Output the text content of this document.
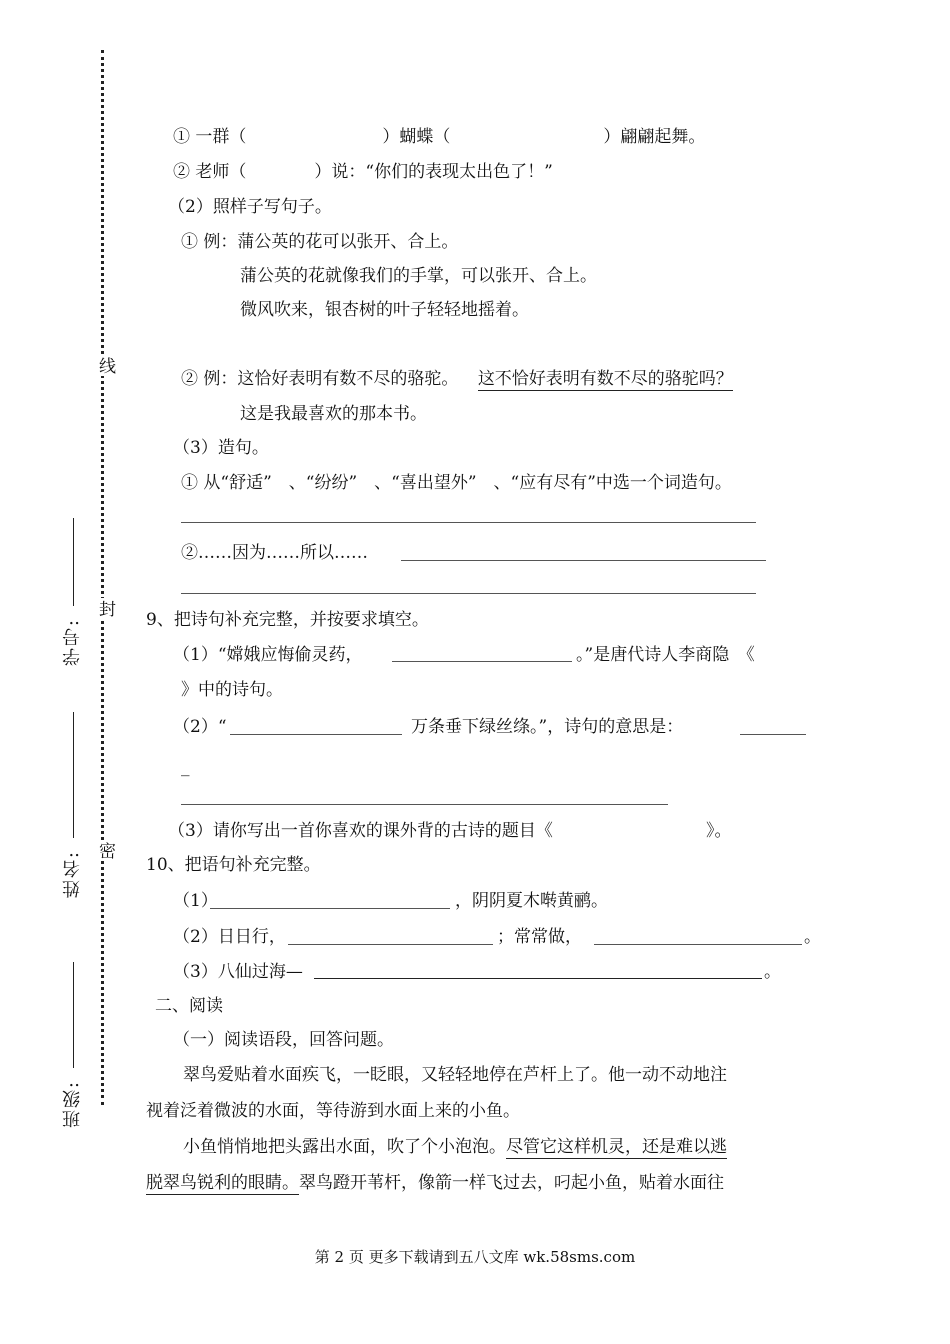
线
封
密
学号:
姓名:
班级:
① 一群（　　　　　　　　）蝴蝶（　　　　　　　　　）翩翩起舞。
② 老师（　　　　）说：“你们的表现太出色了！”
（2）照样子写句子。
① 例：蒲公英的花可以张开、合上。
蒲公英的花就像我们的手掌，可以张开、合上。
微风吹来，银杏树的叶子轻轻地摇着。
② 例：这恰好表明有数不尽的骆驼。 这不恰好表明有数不尽的骆驼吗？
这是我最喜欢的那本书。
（3）造句。
① 从“舒适”　、“纷纷”　、“喜出望外”　、“应有尽有”中选一个词造句。
②……因为……所以……
9、把诗句补充完整，并按要求填空。
（1）“嫦娥应悔偷灵药，	。”是唐代诗人李商隐　《
》中的诗句。
（2）“	万条垂下绿丝绦。”，诗句的意思是：
_
（3）请你写出一首你喜欢的课外背的古诗的题目《	》。
10、把语句补充完整。
（1）	，阴阴夏木啭黄鹂。
（2）日日行，	；常常做，	。
（3）八仙过海—	。
二、阅读
（一）阅读语段，回答问题。
翠鸟爱贴着水面疾飞，一眨眼，又轻轻地停在芦杆上了。他一动不动地注
视着泛着微波的水面，等待游到水面上来的小鱼。
小鱼悄悄地把头露出水面，吹了个小泡泡。尽管它这样机灵，还是难以逃
脱翠鸟锐利的眼睛。翠鸟蹬开苇杆，像箭一样飞过去，叼起小鱼，贴着水面往
第 2 页 更多下载请到五八文库 wk.58sms.com
